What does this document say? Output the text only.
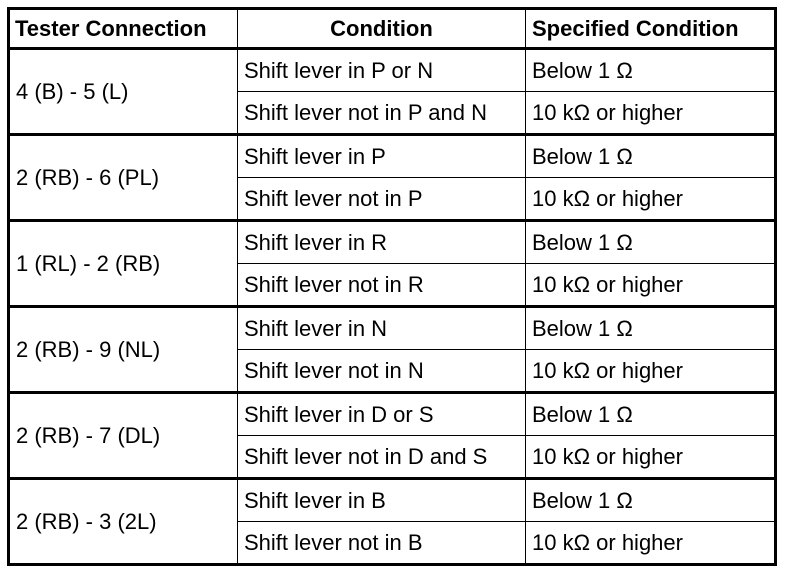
Tester Connection	Condition	Specified Condition
4 (B) - 5 (L)	Shift lever in P or N	Below 1 Ω
	Shift lever not in P and N	10 kΩ or higher
2 (RB) - 6 (PL)	Shift lever in P	Below 1 Ω
	Shift lever not in P	10 kΩ or higher
1 (RL) - 2 (RB)	Shift lever in R	Below 1 Ω
	Shift lever not in R	10 kΩ or higher
2 (RB) - 9 (NL)	Shift lever in N	Below 1 Ω
	Shift lever not in N	10 kΩ or higher
2 (RB) - 7 (DL)	Shift lever in D or S	Below 1 Ω
	Shift lever not in D and S	10 kΩ or higher
2 (RB) - 3 (2L)	Shift lever in B	Below 1 Ω
	Shift lever not in B	10 kΩ or higher
